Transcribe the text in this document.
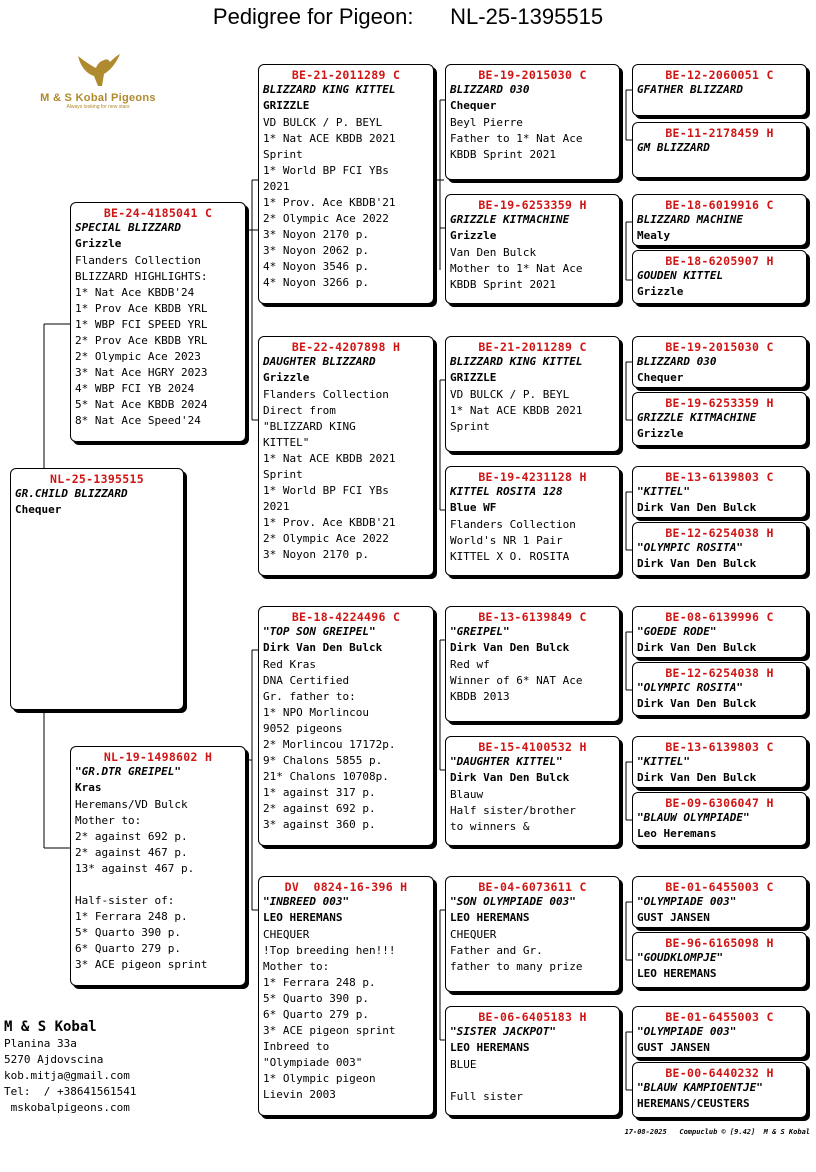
Pedigree for Pigeon: NL-25-1395515
M & S Kobal Pigeons
Always looking for new stars
NL-25-1395515
GR.CHILD BLIZZARD
Chequer
BE-24-4185041 C
SPECIAL BLIZZARD
Grizzle
Flanders Collection
BLIZZARD HIGHLIGHTS:
1* Nat Ace KBDB'24
1* Prov Ace KBDB YRL
1* WBP FCI SPEED YRL
2* Prov Ace KBDB YRL
2* Olympic Ace 2023
3* Nat Ace HGRY 2023
4* WBP FCI YB 2024
5* Nat Ace KBDB 2024
8* Nat Ace Speed'24
NL-19-1498602 H
"GR.DTR GREIPEL"
Kras
Heremans/VD Bulck
Mother to:
2* against 692 p.
2* against 467 p.
13* against 467 p.

Half-sister of:
1* Ferrara 248 p.
5* Quarto 390 p.
6* Quarto 279 p.
3* ACE pigeon sprint
BE-21-2011289 C
BLIZZARD KING KITTEL
GRIZZLE
VD BULCK / P. BEYL
1* Nat ACE KBDB 2021
Sprint
1* World BP FCI YBs
2021
1* Prov. Ace KBDB'21
2* Olympic Ace 2022
3* Noyon 2170 p.
3* Noyon 2062 p.
4* Noyon 3546 p.
4* Noyon 3266 p.
BE-22-4207898 H
DAUGHTER BLIZZARD
Grizzle
Flanders Collection
Direct from
"BLIZZARD KING
KITTEL"
1* Nat ACE KBDB 2021
Sprint
1* World BP FCI YBs
2021
1* Prov. Ace KBDB'21
2* Olympic Ace 2022
3* Noyon 2170 p.
BE-18-4224496 C
"TOP SON GREIPEL"
Dirk Van Den Bulck
Red Kras
DNA Certified
Gr. father to:
1* NPO Morlincou
9052 pigeons
2* Morlincou 17172p.
9* Chalons 5855 p.
21* Chalons 10708p.
1* against 317 p.
2* against 692 p.
3* against 360 p.
DV  0824-16-396 H
"INBREED 003"
LEO HEREMANS
CHEQUER
!Top breeding hen!!!
Mother to:
1* Ferrara 248 p.
5* Quarto 390 p.
6* Quarto 279 p.
3* ACE pigeon sprint
Inbreed to
"Olympiade 003"
1* Olympic pigeon
Lievin 2003
BE-19-2015030 C
BLIZZARD 030
Chequer
Beyl Pierre
Father to 1* Nat Ace
KBDB Sprint 2021
BE-19-6253359 H
GRIZZLE KITMACHINE
Grizzle
Van Den Bulck
Mother to 1* Nat Ace
KBDB Sprint 2021
BE-21-2011289 C
BLIZZARD KING KITTEL
GRIZZLE
VD BULCK / P. BEYL
1* Nat ACE KBDB 2021
Sprint
BE-19-4231128 H
KITTEL ROSITA 128
Blue WF
Flanders Collection
World's NR 1 Pair
KITTEL X O. ROSITA
BE-13-6139849 C
"GREIPEL"
Dirk Van Den Bulck
Red wf
Winner of 6* NAT Ace
KBDB 2013
BE-15-4100532 H
"DAUGHTER KITTEL"
Dirk Van Den Bulck
Blauw
Half sister/brother
to winners &
BE-04-6073611 C
"SON OLYMPIADE 003"
LEO HEREMANS
CHEQUER
Father and Gr.
father to many prize
BE-06-6405183 H
"SISTER JACKPOT"
LEO HEREMANS
BLUE

Full sister
BE-12-2060051 C
GFATHER BLIZZARD
BE-11-2178459 H
GM BLIZZARD
BE-18-6019916 C
BLIZZARD MACHINE
Mealy
BE-18-6205907 H
GOUDEN KITTEL
Grizzle
BE-19-2015030 C
BLIZZARD 030
Chequer
BE-19-6253359 H
GRIZZLE KITMACHINE
Grizzle
BE-13-6139803 C
"KITTEL"
Dirk Van Den Bulck
BE-12-6254038 H
"OLYMPIC ROSITA"
Dirk Van Den Bulck
BE-08-6139996 C
"GOEDE RODE"
Dirk Van Den Bulck
BE-12-6254038 H
"OLYMPIC ROSITA"
Dirk Van Den Bulck
BE-13-6139803 C
"KITTEL"
Dirk Van Den Bulck
BE-09-6306047 H
"BLAUW OLYMPIADE"
Leo Heremans
BE-01-6455003 C
"OLYMPIADE 003"
GUST JANSEN
BE-96-6165098 H
"GOUDKLOMPJE"
LEO HEREMANS
BE-01-6455003 C
"OLYMPIADE 003"
GUST JANSEN
BE-00-6440232 H
"BLAUW KAMPIOENTJE"
HEREMANS/CEUSTERS
M & S Kobal
Planina 33a
5270 Ajdovscina
kob.mitja@gmail.com
Tel:  / +38641561541
mskobalpigeons.com
17-08-2025   Compuclub © [9.42]  M & S Kobal
